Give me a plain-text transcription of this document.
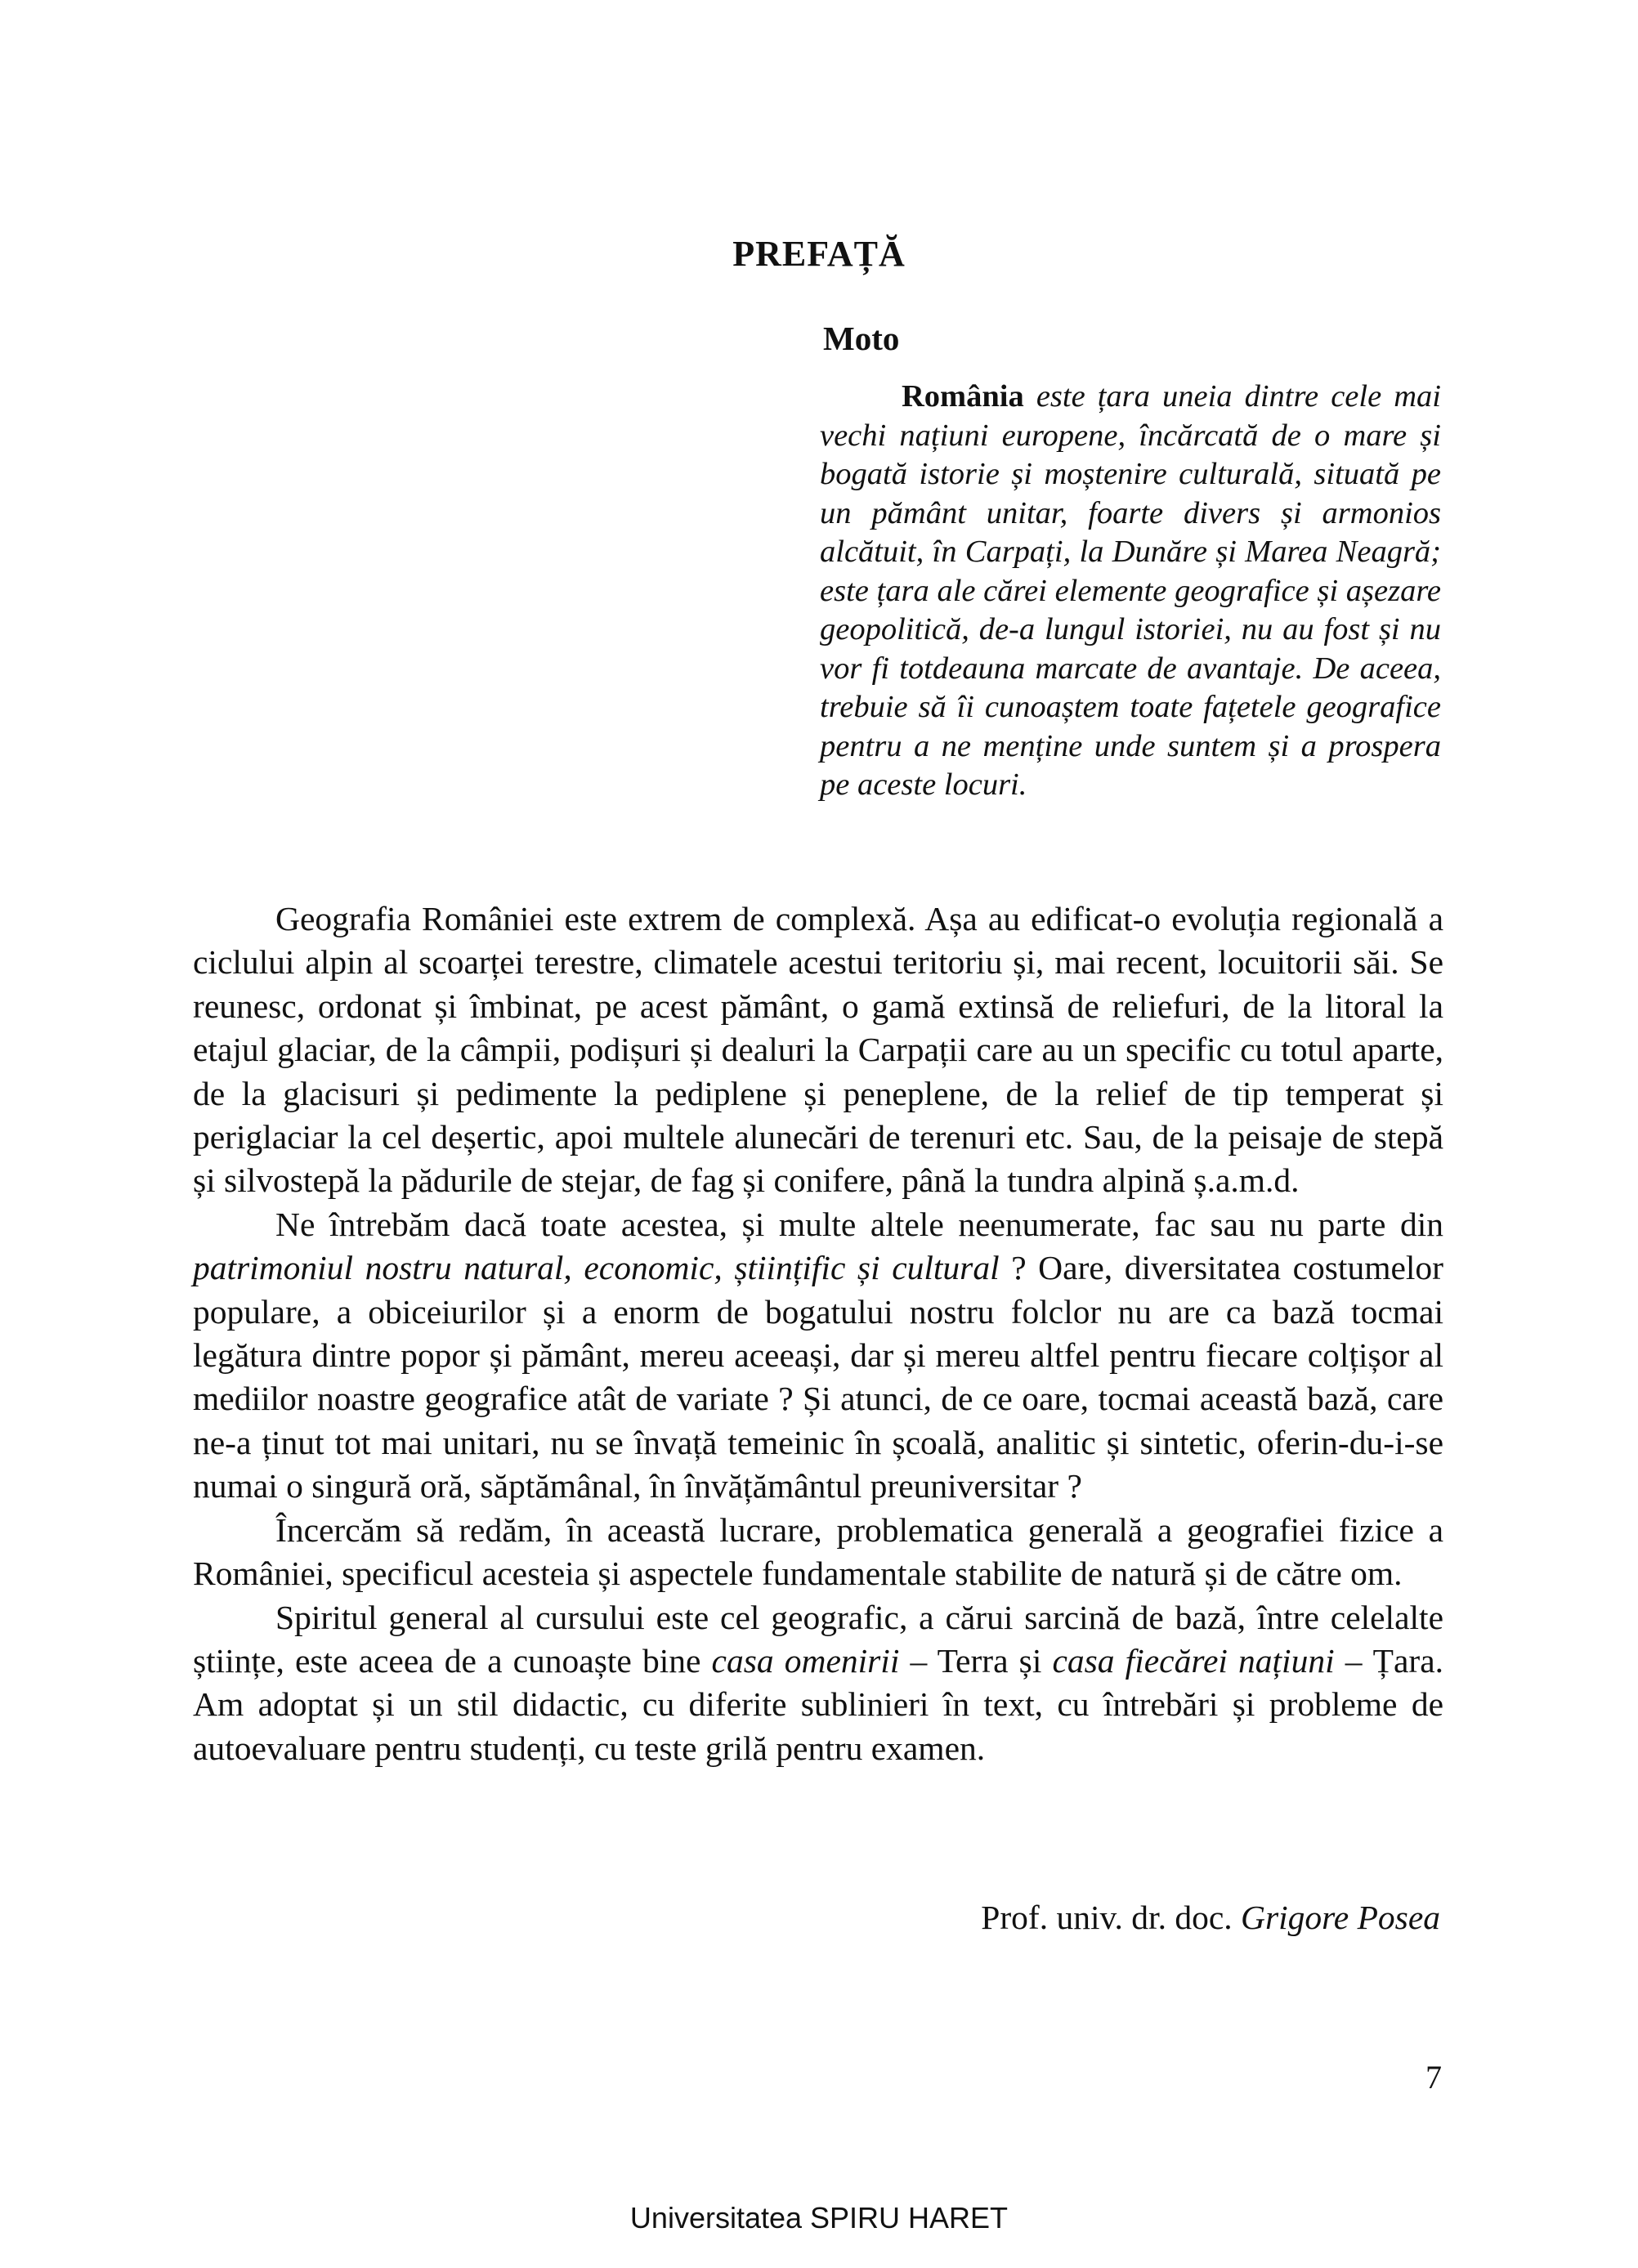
PREFAȚĂ
Moto
România este țara uneia dintre cele mai vechi națiuni europene, încărcată de o mare și bogată istorie și moștenire culturală, situată pe un pământ unitar, foarte divers și armonios alcătuit, în Carpați, la Dunăre și Marea Neagră; este țara ale cărei elemente geografice și așezare geopolitică, de-a lungul istoriei, nu au fost și nu vor fi totdeauna marcate de avantaje. De aceea, trebuie să îi cunoaștem toate fațetele geografice pentru a ne menține unde suntem și a prospera pe aceste locuri.

Geografia României este extrem de complexă. Așa au edificat-o evoluția regională a ciclului alpin al scoarței terestre, climatele acestui teritoriu și, mai recent, locuitorii săi. Se reunesc, ordonat și îmbinat, pe acest pământ, o gamă extinsă de reliefuri, de la litoral la etajul glaciar, de la câmpii, podișuri și dealuri la Carpații care au un specific cu totul aparte, de la glacisuri și pedimente la pediplene și peneplene, de la relief de tip temperat și periglaciar la cel deșertic, apoi multele alunecări de terenuri etc. Sau, de la peisaje de stepă și silvostepă la pădurile de stejar, de fag și conifere, până la tundra alpină ș.a.m.d.

Ne întrebăm dacă toate acestea, și multe altele neenumerate, fac sau nu parte din patrimoniul nostru natural, economic, științific și cultural ? Oare, diversitatea costumelor populare, a obiceiurilor și a enorm de bogatului nostru folclor nu are ca bază tocmai legătura dintre popor și pământ, mereu aceeași, dar și mereu altfel pentru fiecare colțișor al mediilor noastre geografice atât de variate ? Și atunci, de ce oare, tocmai această bază, care ne-a ținut tot mai unitari, nu se învață temeinic în școală, analitic și sintetic, oferin-du-i-se numai o singură oră, săptămânal, în învățământul preuniversitar ?

Încercăm să redăm, în această lucrare, problematica generală a geografiei fizice a României, specificul acesteia și aspectele fundamentale stabilite de natură și de către om.

Spiritul general al cursului este cel geografic, a cărui sarcină de bază, între celelalte științe, este aceea de a cunoaște bine casa omenirii – Terra și casa fiecărei națiuni – Țara. Am adoptat și un stil didactic, cu diferite sublinieri în text, cu întrebări și probleme de autoevaluare pentru studenți, cu teste grilă pentru examen.

Prof. univ. dr. doc. Grigore Posea
7
Universitatea SPIRU HARET
